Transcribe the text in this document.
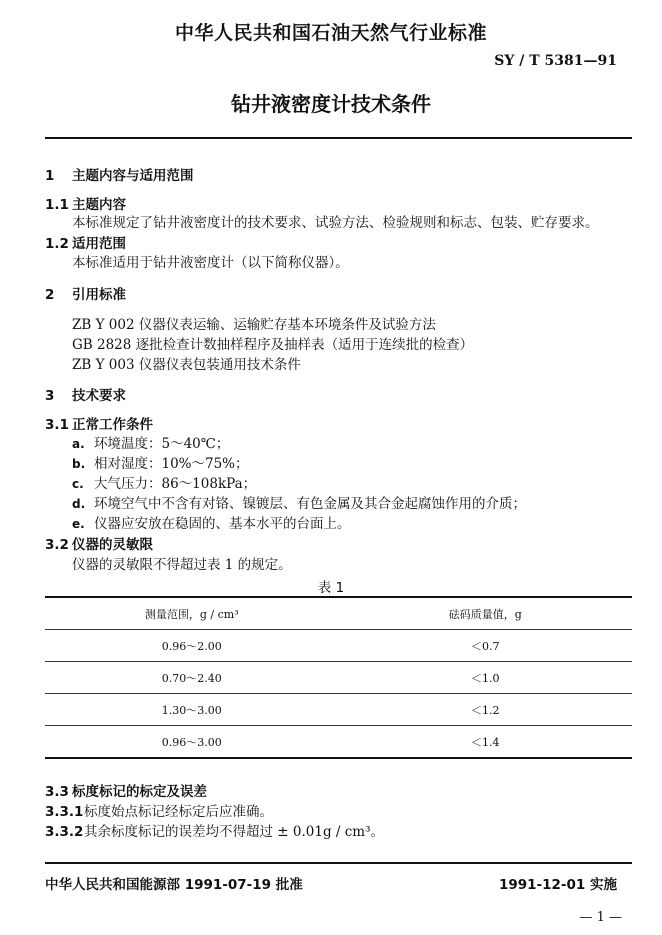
中华人民共和国石油天然气行业标准
SY / T 5381—91
钻井液密度计技术条件
1 主题内容与适用范围
1.1 主题内容
本标准规定了钻井液密度计的技术要求、试验方法、检验规则和标志、包装、贮存要求。
1.2 适用范围
本标准适用于钻井液密度计（以下简称仪器）。
2 引用标准
ZB Y 002 仪器仪表运输、运输贮存基本环境条件及试验方法
GB 2828 逐批检查计数抽样程序及抽样表（适用于连续批的检查）
ZB Y 003 仪器仪表包装通用技术条件
3 技术要求
3.1 正常工作条件
a. 环境温度：5～40℃；
b. 相对湿度：10%～75%；
c. 大气压力：86～108kPa；
d. 环境空气中不含有对铬、镍镀层、有色金属及其合金起腐蚀作用的介质；
e. 仪器应安放在稳固的、基本水平的台面上。
3.2 仪器的灵敏限
仪器的灵敏限不得超过表 1 的规定。
表 1
测量范围，g / cm³	砝码质量值，g
0.96～2.00	＜0.7
0.70～2.40	＜1.0
1.30～3.00	＜1.2
0.96～3.00	＜1.4
3.3 标度标记的标定及误差
3.3.1标度始点标记经标定后应准确。
3.3.2其余标度标记的误差均不得超过 ± 0.01g / cm³。
中华人民共和国能源部 1991-07-19 批准	1991-12-01 实施
— 1 —
